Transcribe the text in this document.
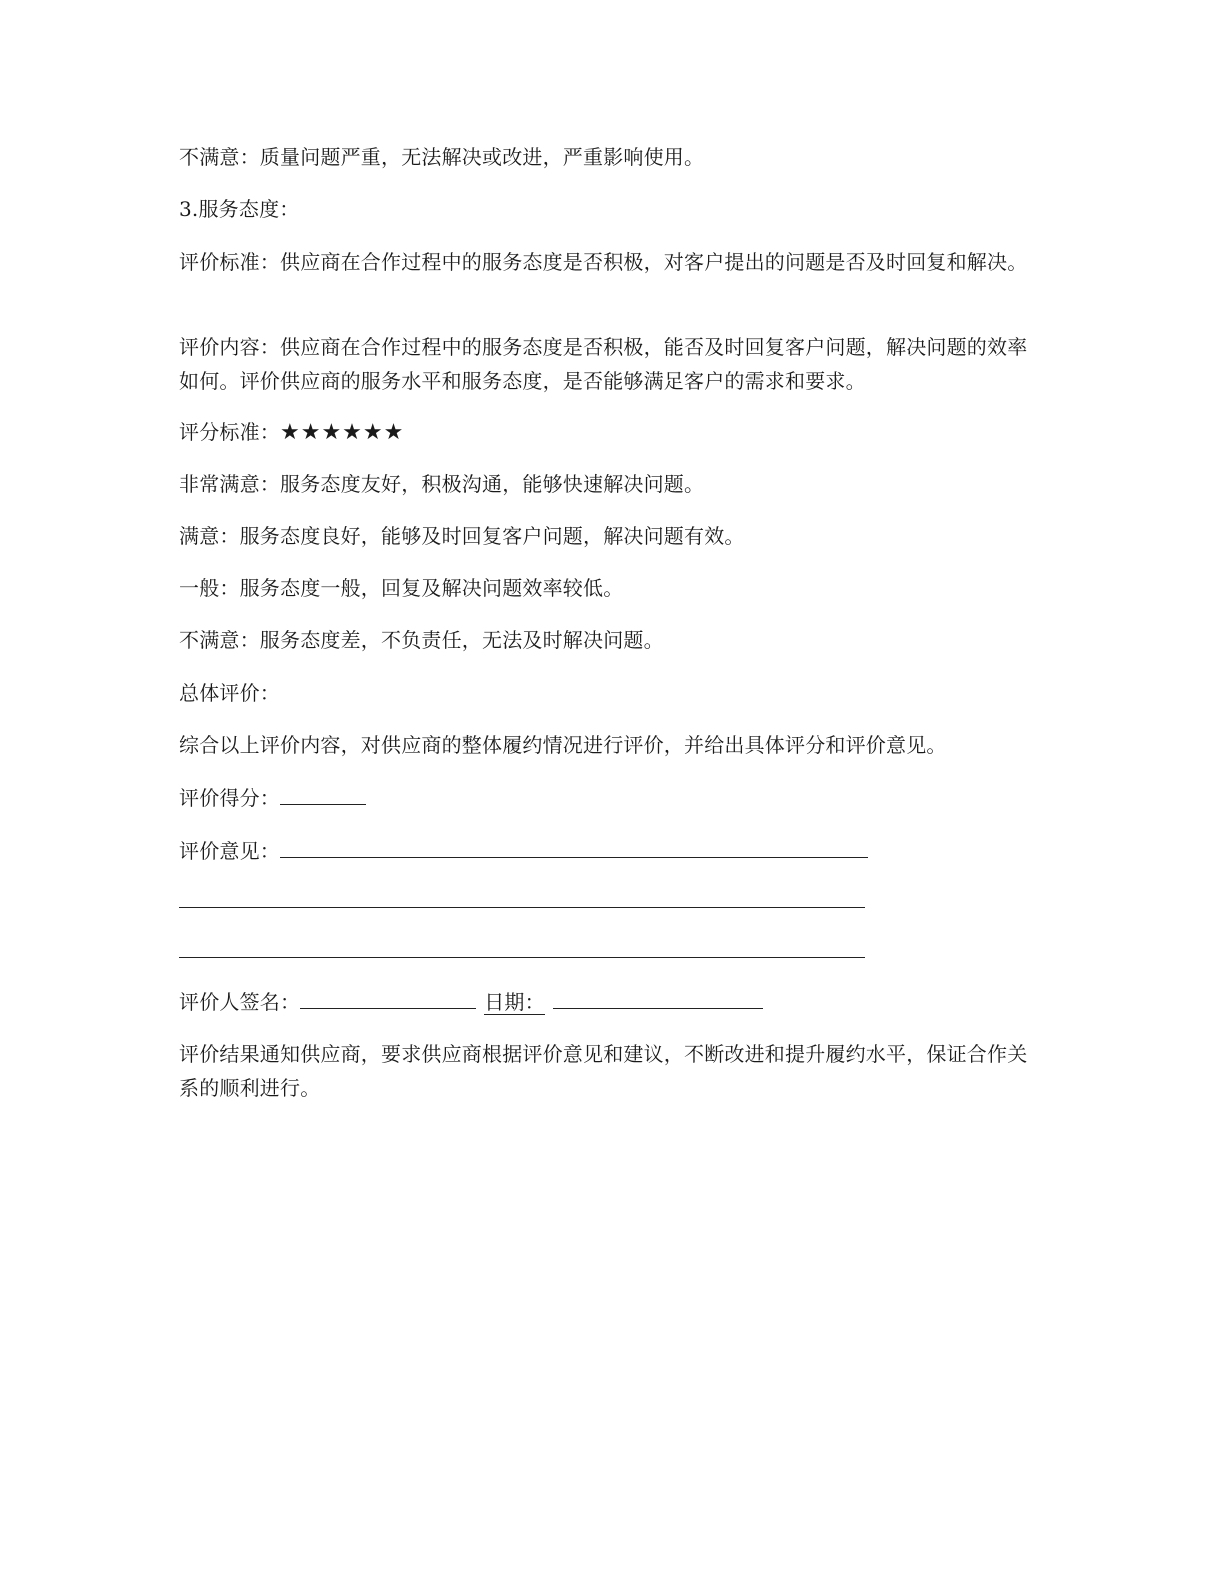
不满意：质量问题严重，无法解决或改进，严重影响使用。
3.服务态度：
评价标准：供应商在合作过程中的服务态度是否积极，对客户提出的问题是否及时回复和解决。
评价内容：供应商在合作过程中的服务态度是否积极，能否及时回复客户问题，解决问题的效率如何。评价供应商的服务水平和服务态度，是否能够满足客户的需求和要求。
评分标准：★★★★★★
非常满意：服务态度友好，积极沟通，能够快速解决问题。
满意：服务态度良好，能够及时回复客户问题，解决问题有效。
一般：服务态度一般，回复及解决问题效率较低。
不满意：服务态度差，不负责任，无法及时解决问题。
总体评价：
综合以上评价内容，对供应商的整体履约情况进行评价，并给出具体评分和评价意见。
评价得分：
评价意见：
评价人签名：	日期：
评价结果通知供应商，要求供应商根据评价意见和建议，不断改进和提升履约水平，保证合作关系的顺利进行。
